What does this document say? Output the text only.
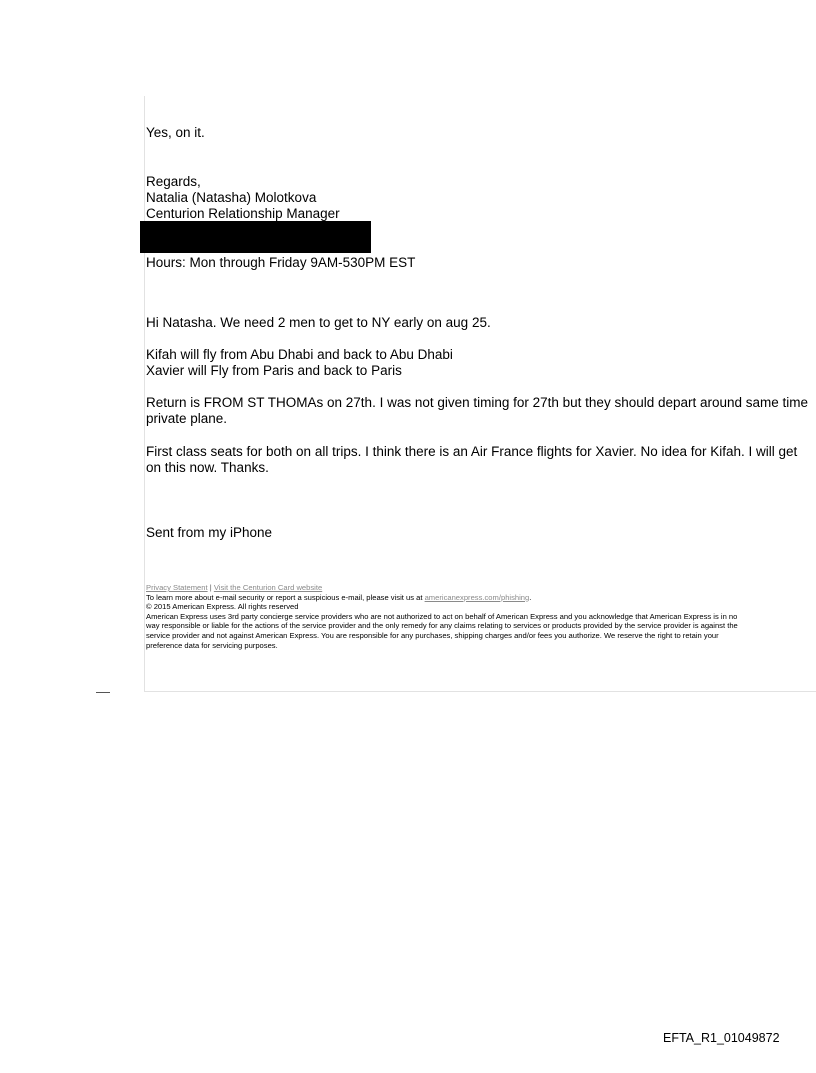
Yes, on it.
Regards,
Natalia (Natasha) Molotkova
Centurion Relationship Manager
Hours: Mon through Friday 9AM-530PM EST
Hi Natasha. We need 2 men to get to NY early on aug 25.
Kifah will fly from Abu Dhabi and back to Abu Dhabi
Xavier will Fly from Paris and back to Paris
Return is FROM ST THOMAs on 27th. I was not given timing for 27th but they should depart around same time
private plane.
First class seats for both on all trips. I think there is an Air France flights for Xavier. No idea for Kifah. I will get
on this now. Thanks.
Sent from my iPhone
Privacy Statement | Visit the Centurion Card website
To learn more about e-mail security or report a suspicious e-mail, please visit us at americanexpress.com/phishing.
© 2015 American Express. All rights reserved
American Express uses 3rd party concierge service providers who are not authorized to act on behalf of American Express and you acknowledge that American Express is in no
way responsible or liable for the actions of the service provider and the only remedy for any claims relating to services or products provided by the service provider is against the
service provider and not against American Express. You are responsible for any purchases, shipping charges and/or fees you authorize. We reserve the right to retain your
preference data for servicing purposes.
EFTA_R1_01049872
